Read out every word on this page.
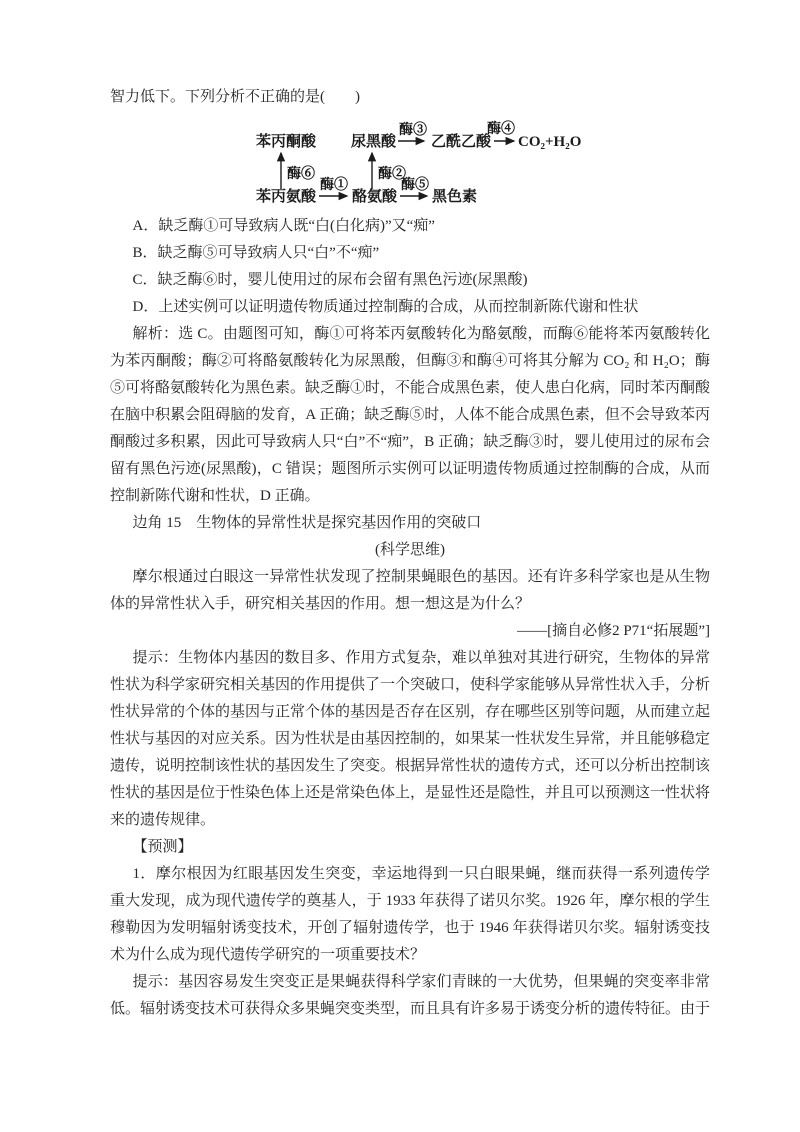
智力低下。下列分析不正确的是(　　)

苯丙酮酸 尿黑酸
酶③
乙酰乙酸
酶④
CO₂+H₂O
酶⑥	酶②
苯丙氨酸
酶①
酪氨酸
酶⑤
黑色素

A．缺乏酶①可导致病人既“白(白化病)”又“痴”

B．缺乏酶⑤可导致病人只“白”不“痴”

C．缺乏酶⑥时，婴儿使用过的尿布会留有黑色污迹(尿黑酸)

D．上述实例可以证明遗传物质通过控制酶的合成，从而控制新陈代谢和性状

解析：选 C。由题图可知，酶①可将苯丙氨酸转化为酪氨酸，而酶⑥能将苯丙氨酸转化为苯丙酮酸；酶②可将酪氨酸转化为尿黑酸，但酶③和酶④可将其分解为 CO₂ 和 H₂O；酶⑤可将酪氨酸转化为黑色素。缺乏酶①时，不能合成黑色素，使人患白化病，同时苯丙酮酸在脑中积累会阻碍脑的发育，A 正确；缺乏酶⑤时，人体不能合成黑色素，但不会导致苯丙酮酸过多积累，因此可导致病人只“白”不“痴”，B 正确；缺乏酶③时，婴儿使用过的尿布会留有黑色污迹(尿黑酸)，C 错误；题图所示实例可以证明遗传物质通过控制酶的合成，从而控制新陈代谢和性状，D 正确。

边角 15 生物体的异常性状是探究基因作用的突破口

(科学思维)

摩尔根通过白眼这一异常性状发现了控制果蝇眼色的基因。还有许多科学家也是从生物体的异常性状入手，研究相关基因的作用。想一想这是为什么？

——[摘自必修2 P71“拓展题”]

提示：生物体内基因的数目多、作用方式复杂，难以单独对其进行研究，生物体的异常性状为科学家研究相关基因的作用提供了一个突破口，使科学家能够从异常性状入手，分析性状异常的个体的基因与正常个体的基因是否存在区别，存在哪些区别等问题，从而建立起性状与基因的对应关系。因为性状是由基因控制的，如果某一性状发生异常，并且能够稳定遗传，说明控制该性状的基因发生了突变。根据异常性状的遗传方式，还可以分析出控制该性状的基因是位于性染色体上还是常染色体上，是显性还是隐性，并且可以预测这一性状将来的遗传规律。

【预测】

1．摩尔根因为红眼基因发生突变，幸运地得到一只白眼果蝇，继而获得一系列遗传学重大发现，成为现代遗传学的奠基人，于 1933 年获得了诺贝尔奖。1926 年，摩尔根的学生穆勒因为发明辐射诱变技术，开创了辐射遗传学，也于 1946 年获得诺贝尔奖。辐射诱变技术为什么成为现代遗传学研究的一项重要技术？

提示：基因容易发生突变正是果蝇获得科学家们青睐的一大优势，但果蝇的突变率非常低。辐射诱变技术可获得众多果蝇突变类型，而且具有许多易于诱变分析的遗传特征。由于
